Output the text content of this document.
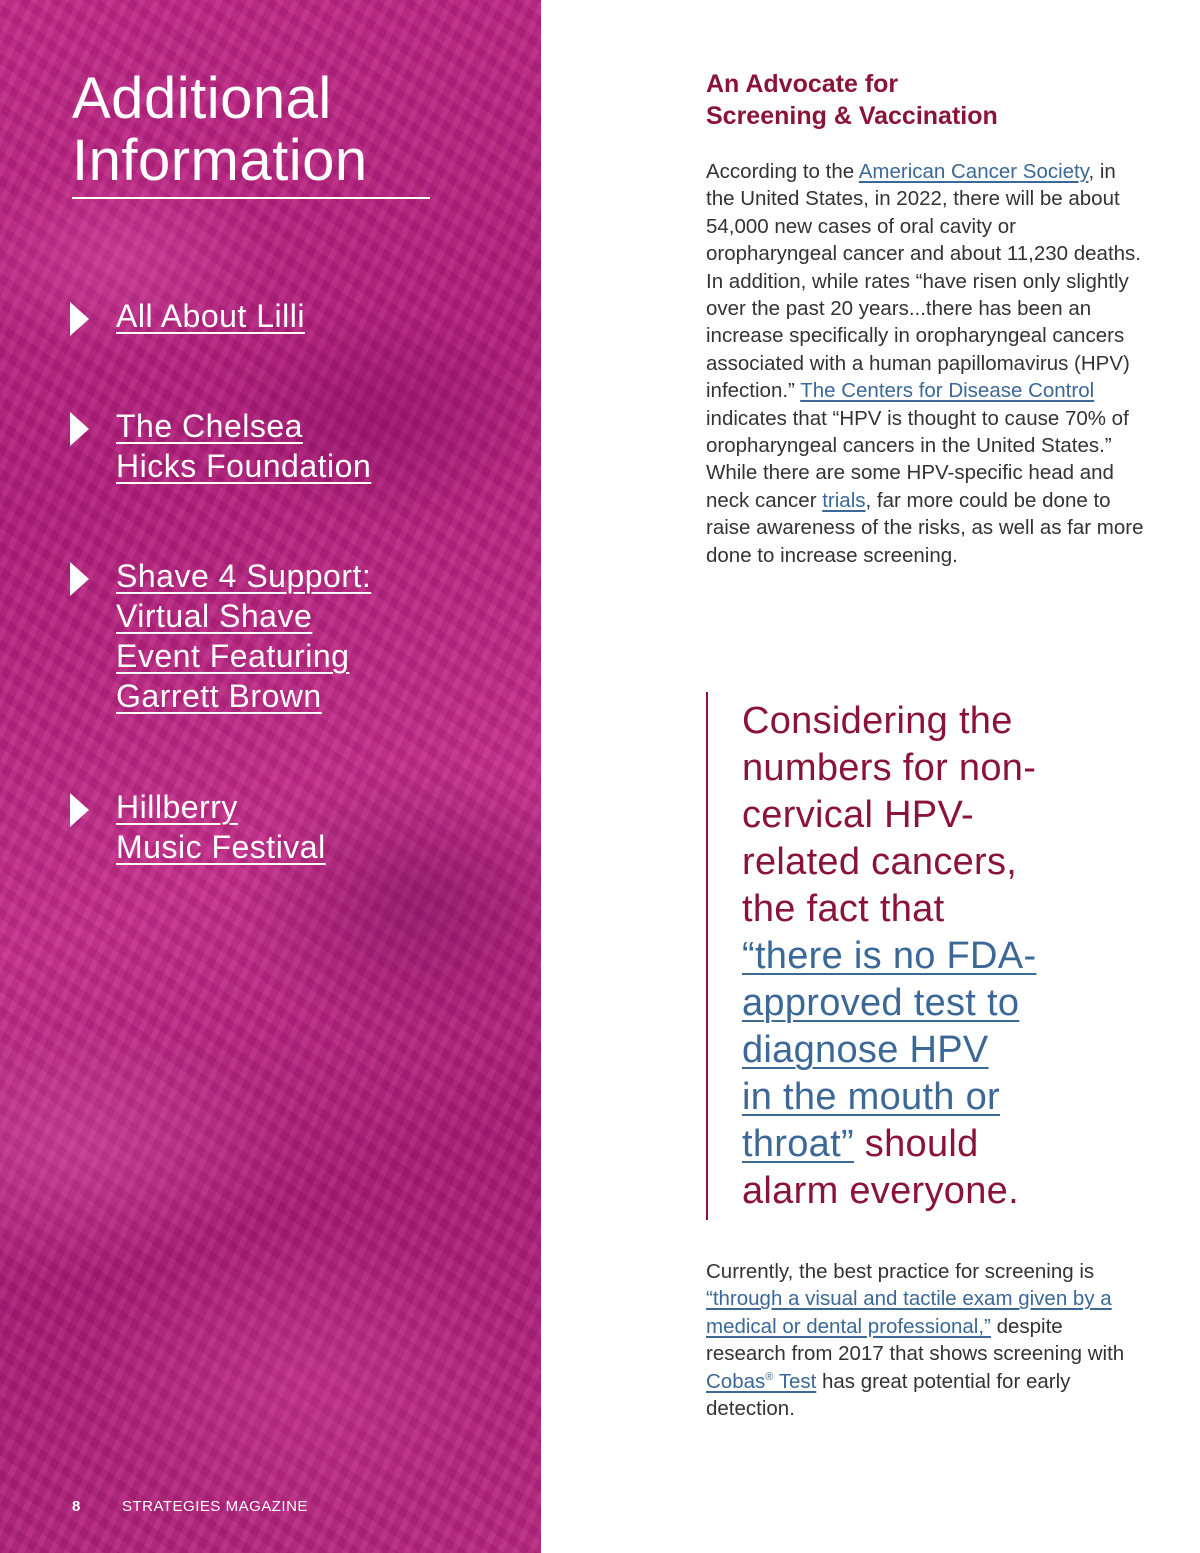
Additional
Information
All About Lilli
The Chelsea
Hicks Foundation
Shave 4 Support:
Virtual Shave
Event Featuring
Garrett Brown
Hillberry
Music Festival
8	STRATEGIES MAGAZINE
An Advocate for
Screening & Vaccination

According to the American Cancer Society, in the United States, in 2022, there will be about 54,000 new cases of oral cavity or oropharyngeal cancer and about 11,230 deaths. In addition, while rates “have risen only slightly over the past 20 years...there has been an increase specifically in oropharyngeal cancers associated with a human papillomavirus (HPV) infection.” The Centers for Disease Control indicates that “HPV is thought to cause 70% of oropharyngeal cancers in the United States.” While there are some HPV-specific head and neck cancer trials, far more could be done to raise awareness of the risks, as well as far more done to increase screening.

Considering the
numbers for non-
cervical HPV-
related cancers,
the fact that
“there is no FDA-
approved test to
diagnose HPV
in the mouth or
throat” should
alarm everyone.

Currently, the best practice for screening is “through a visual and tactile exam given by a medical or dental professional,” despite research from 2017 that shows screening with Cobas® Test has great potential for early detection.
